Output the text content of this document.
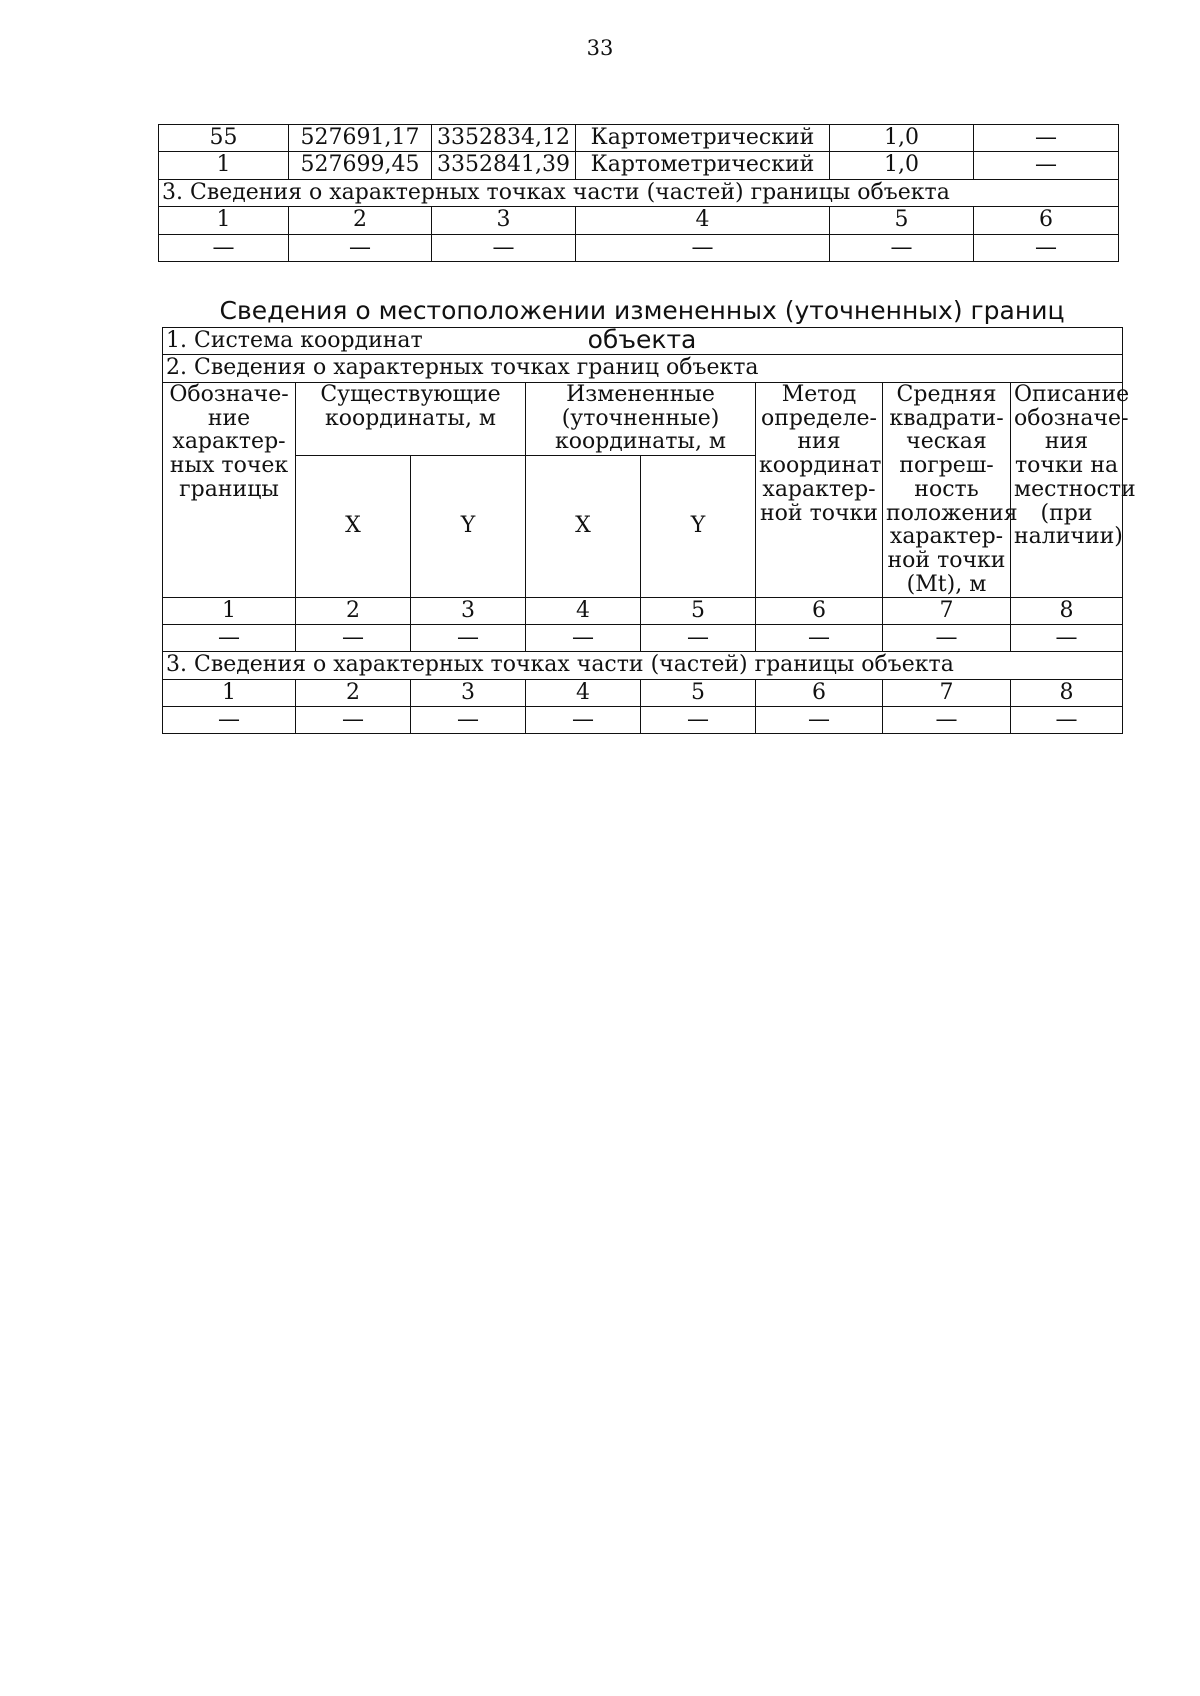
33
55	527691,17	3352834,12	Картометрический	1,0	—
1	527699,45	3352841,39	Картометрический	1,0	—
3. Сведения о характерных точках части (частей) границы объекта					
1	2	3	4	5	6
—	—	—	—	—	—
Сведения о местоположении измененных (уточненных) границ объекта
1. Система координат							
2. Сведения о характерных точках границ объекта							
Обозначе-ние характер-ных точек границы	Существующие координаты, м		Измененные (уточненные) координаты, м		Метод определе-ния координат характер-ной точки	Средняя квадрати-ческая погреш-ность положения характер-ной точки (Mt), м	Описание обозначе-ния точки на местности (при наличии)
	X	Y	X	Y			
1	2	3	4	5	6	7	8
—	—	—	—	—	—	—	—
3. Сведения о характерных точках части (частей) границы объекта							
1	2	3	4	5	6	7	8
—	—	—	—	—	—	—	—
